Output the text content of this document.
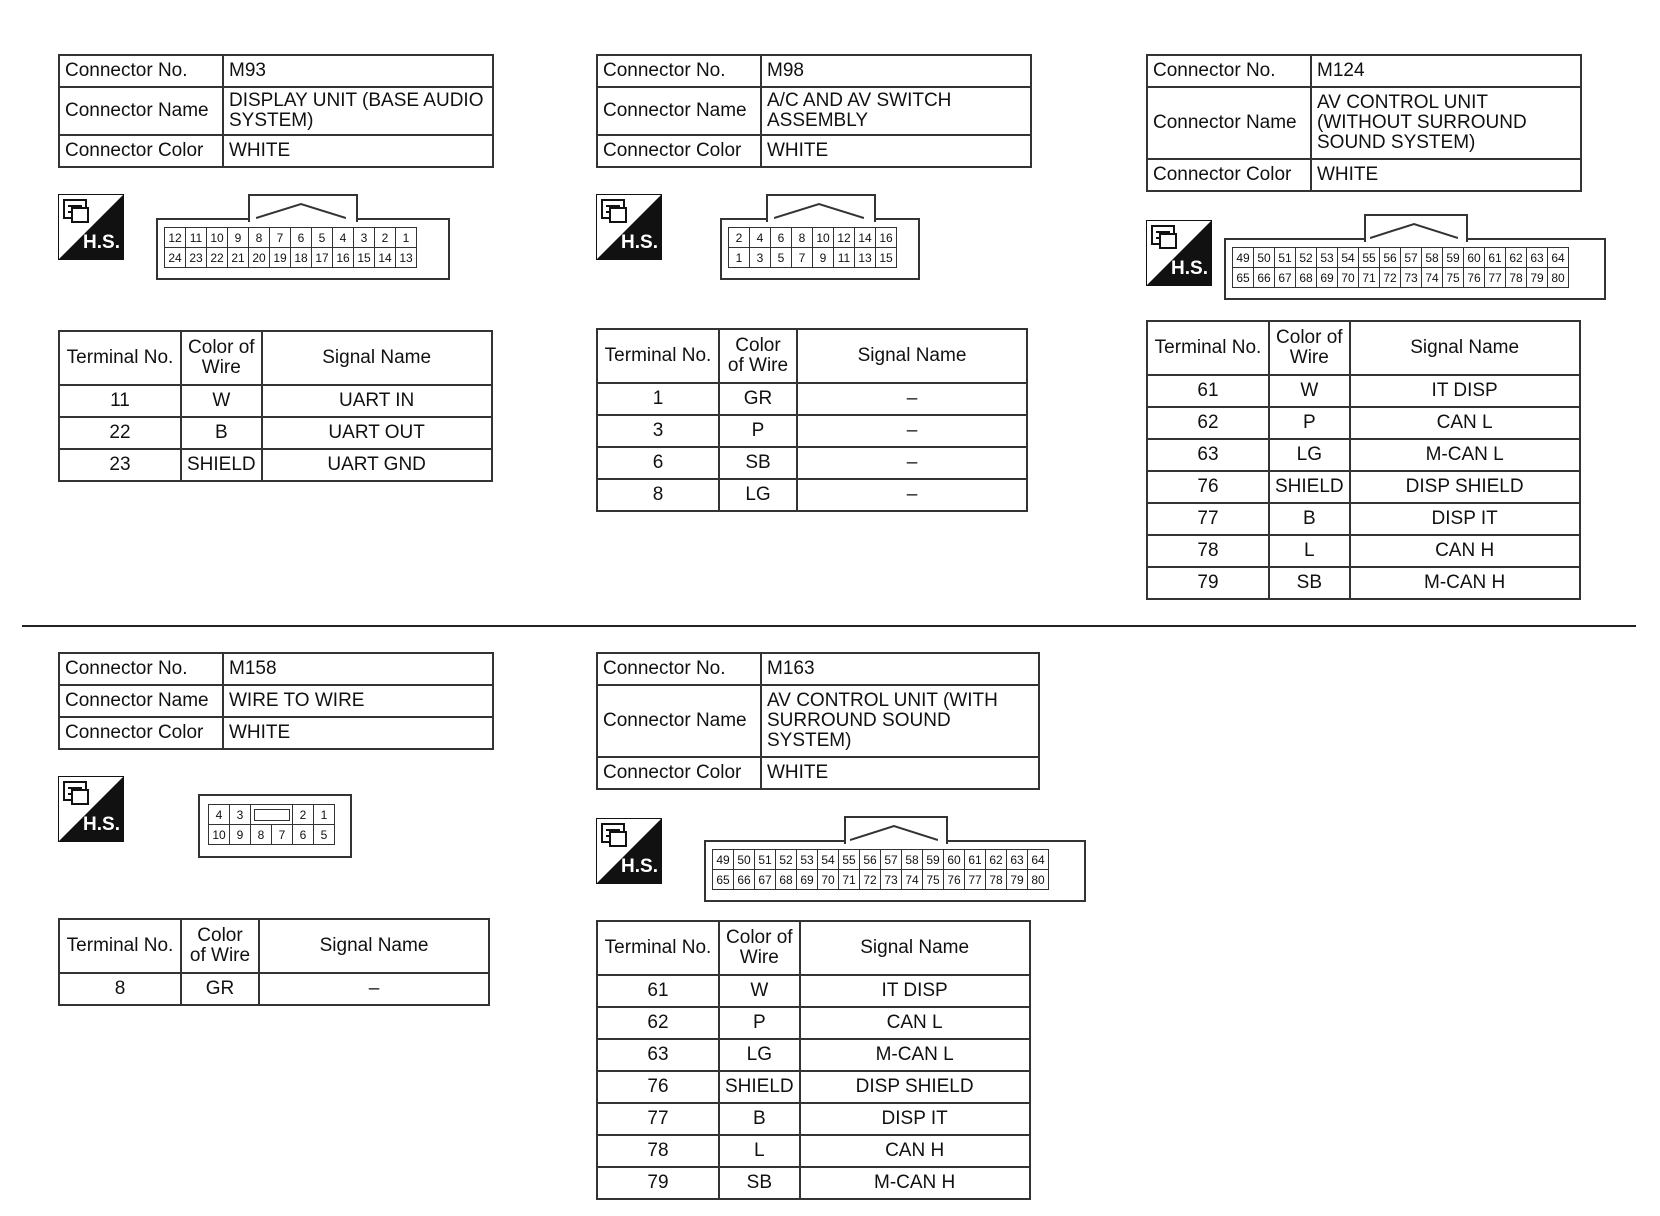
Connector No.	M93
Connector Name	DISPLAY UNIT (BASE AUDIO SYSTEM)
Connector Color	WHITE
H.S.	12	11	10	9	8	7	6	5	4	3	2	1
24	23	22	21	20	19	18	17	16	15	14	13
Terminal No.	Color of Wire	Signal Name
11	W	UART IN
22	B	UART OUT
23	SHIELD	UART GND
Connector No.	M98
Connector Name	A/C AND AV SWITCH ASSEMBLY
Connector Color	WHITE
H.S.	2	4	6	8	10	12	14	16
1	3	5	7	9	11	13	15
Terminal No.	Color of Wire	Signal Name
1	GR	–
3	P	–
6	SB	–
8	LG	–
Connector No.	M124
Connector Name	AV CONTROL UNIT (WITHOUT SURROUND SOUND SYSTEM)
Connector Color	WHITE
H.S.
49	50	51	52	53	54	55	56	57	58	59	60	61	62	63	64
65	66	67	68	69	70	71	72	73	74	75	76	77	78	79	80
Terminal No.	Color of Wire	Signal Name
61	W	IT DISP
62	P	CAN L
63	LG	M-CAN L
76	SHIELD	DISP SHIELD
77	B	DISP IT
78	L	CAN H
79	SB	M-CAN H
Connector No.	M158
Connector Name	WIRE TO WIRE
Connector Color	WHITE
H.S.	4	3			2	1
10	9	8	7	6	5
Terminal No.	Color of Wire	Signal Name
8	GR	–
Connector No.	M163
Connector Name	AV CONTROL UNIT (WITH SURROUND SOUND SYSTEM)
Connector Color	WHITE
H.S.	49	50	51	52	53	54	55	56	57	58	59	60	61	62	63	64
65	66	67	68	69	70	71	72	73	74	75	76	77	78	79	80
Terminal No.	Color of Wire	Signal Name
61	W	IT DISP
62	P	CAN L
63	LG	M-CAN L
76	SHIELD	DISP SHIELD
77	B	DISP IT
78	L	CAN H
79	SB	M-CAN H
